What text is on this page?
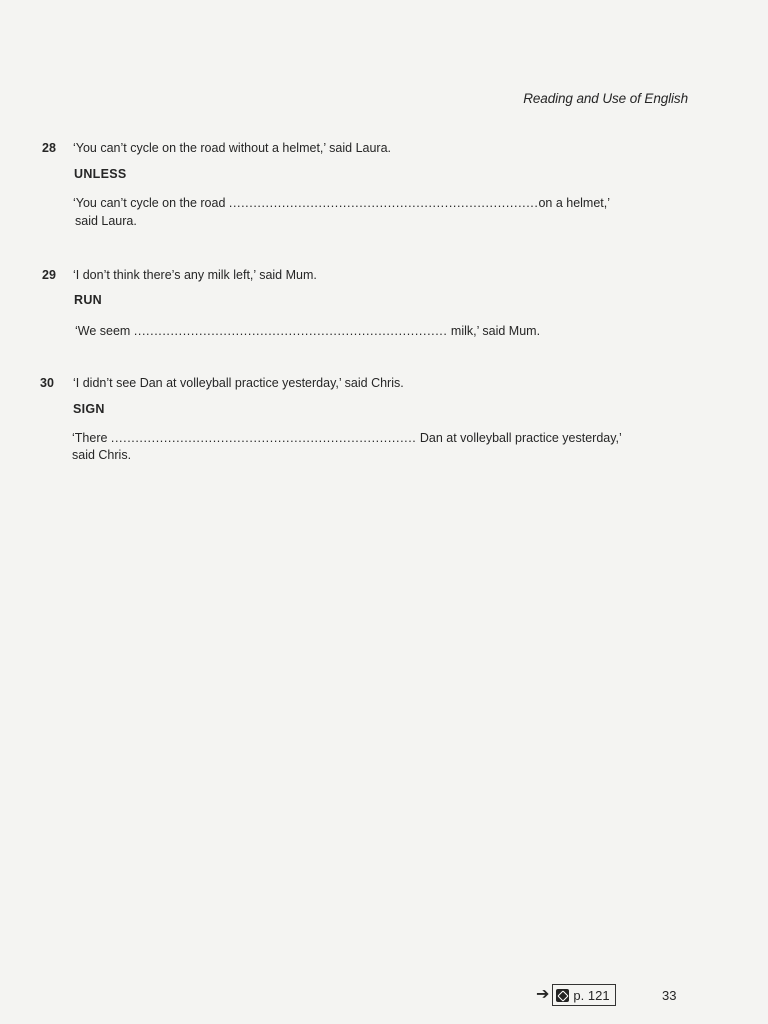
Reading and Use of English
28 ‘You can’t cycle on the road without a helmet,’ said Laura.
UNLESS
‘You can’t cycle on the road ............................................................................on a helmet,’
said Laura.
29 ‘I don’t think there’s any milk left,’ said Mum.
RUN
‘We seem ............................................................................. milk,’ said Mum.
30 ‘I didn’t see Dan at volleyball practice yesterday,’ said Chris.
SIGN
‘There ........................................................................... Dan at volleyball practice yesterday,’
said Chris.
➔ p. 121	33
